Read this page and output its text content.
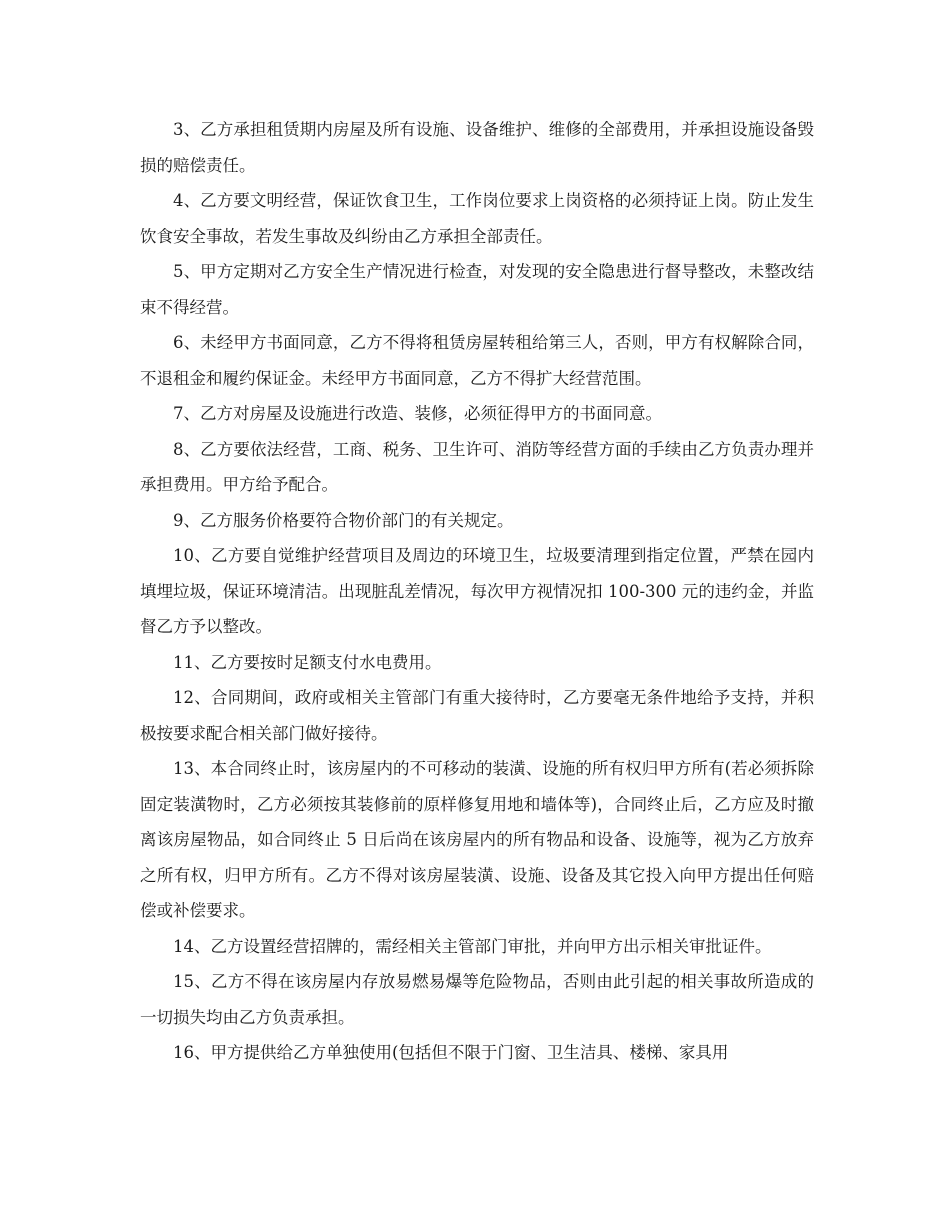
3、乙方承担租赁期内房屋及所有设施、设备维护、维修的全部费用，并承担设施设备毁损的赔偿责任。

4、乙方要文明经营，保证饮食卫生，工作岗位要求上岗资格的必须持证上岗。防止发生饮食安全事故，若发生事故及纠纷由乙方承担全部责任。

5、甲方定期对乙方安全生产情况进行检查，对发现的安全隐患进行督导整改，未整改结束不得经营。

6、未经甲方书面同意，乙方不得将租赁房屋转租给第三人，否则，甲方有权解除合同，不退租金和履约保证金。未经甲方书面同意，乙方不得扩大经营范围。

7、乙方对房屋及设施进行改造、装修，必须征得甲方的书面同意。

8、乙方要依法经营，工商、税务、卫生许可、消防等经营方面的手续由乙方负责办理并承担费用。甲方给予配合。

9、乙方服务价格要符合物价部门的有关规定。

10、乙方要自觉维护经营项目及周边的环境卫生，垃圾要清理到指定位置，严禁在园内填埋垃圾，保证环境清洁。出现脏乱差情况，每次甲方视情况扣 100-300 元的违约金，并监督乙方予以整改。

11、乙方要按时足额支付水电费用。

12、合同期间，政府或相关主管部门有重大接待时，乙方要毫无条件地给予支持，并积极按要求配合相关部门做好接待。

13、本合同终止时，该房屋内的不可移动的装潢、设施的所有权归甲方所有(若必须拆除固定装潢物时，乙方必须按其装修前的原样修复用地和墙体等)，合同终止后，乙方应及时撤离该房屋物品，如合同终止 5 日后尚在该房屋内的所有物品和设备、设施等，视为乙方放弃之所有权，归甲方所有。乙方不得对该房屋装潢、设施、设备及其它投入向甲方提出任何赔偿或补偿要求。

14、乙方设置经营招牌的，需经相关主管部门审批，并向甲方出示相关审批证件。

15、乙方不得在该房屋内存放易燃易爆等危险物品，否则由此引起的相关事故所造成的一切损失均由乙方负责承担。

16、甲方提供给乙方单独使用(包括但不限于门窗、卫生洁具、楼梯、家具用
